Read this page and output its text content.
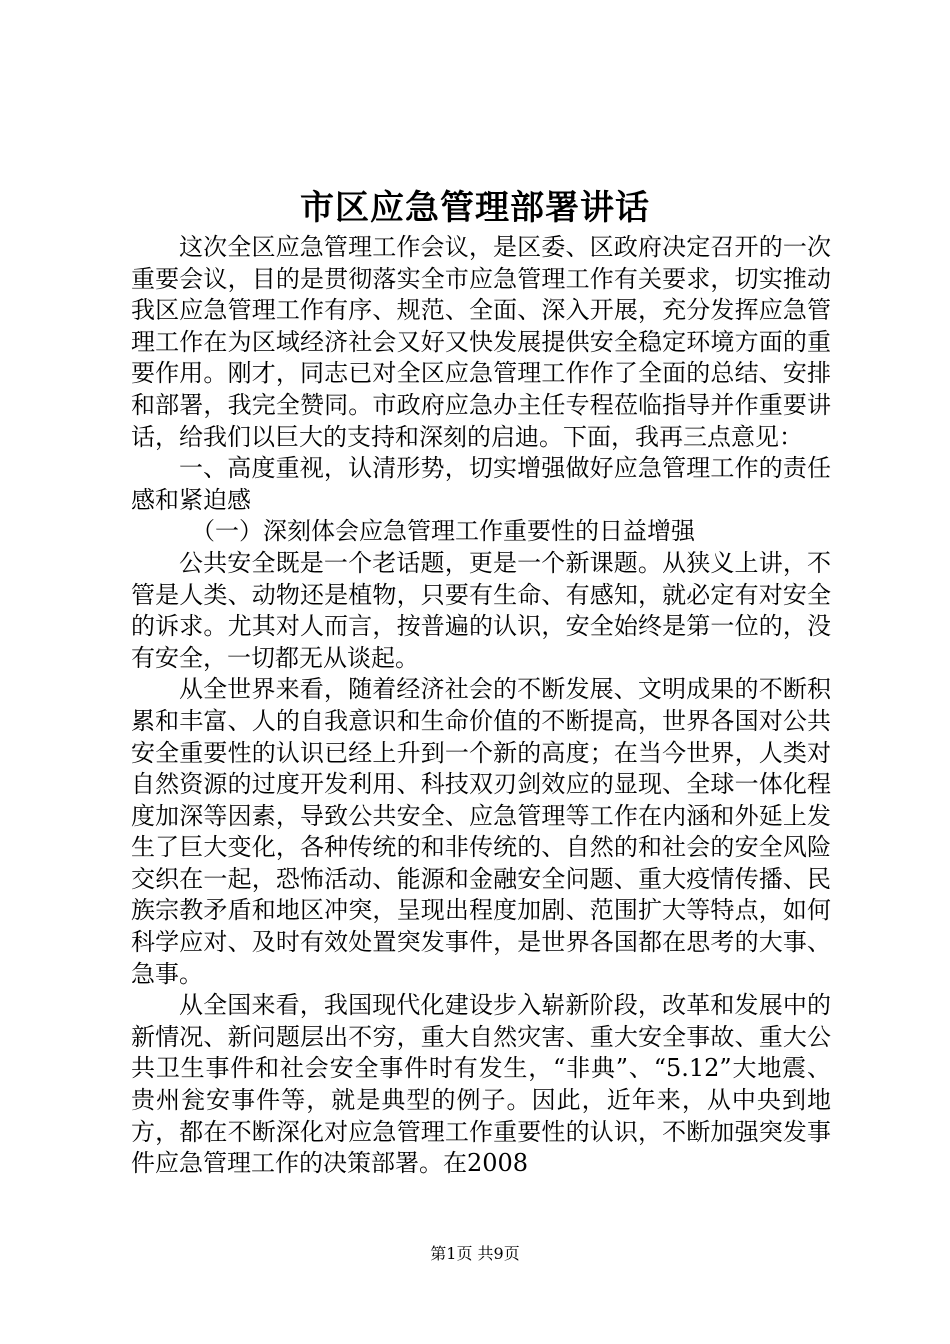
市区应急管理部署讲话

这次全区应急管理工作会议，是区委、区政府决定召开的一次重要会议，目的是贯彻落实全市应急管理工作有关要求，切实推动我区应急管理工作有序、规范、全面、深入开展，充分发挥应急管理工作在为区域经济社会又好又快发展提供安全稳定环境方面的重要作用。刚才，同志已对全区应急管理工作作了全面的总结、安排和部署，我完全赞同。市政府应急办主任专程莅临指导并作重要讲话，给我们以巨大的支持和深刻的启迪。下面，我再三点意见：

一、高度重视，认清形势，切实增强做好应急管理工作的责任感和紧迫感

（一）深刻体会应急管理工作重要性的日益增强

公共安全既是一个老话题，更是一个新课题。从狭义上讲，不管是人类、动物还是植物，只要有生命、有感知，就必定有对安全的诉求。尤其对人而言，按普遍的认识，安全始终是第一位的，没有安全，一切都无从谈起。

从全世界来看，随着经济社会的不断发展、文明成果的不断积累和丰富、人的自我意识和生命价值的不断提高，世界各国对公共安全重要性的认识已经上升到一个新的高度；在当今世界，人类对自然资源的过度开发利用、科技双刃剑效应的显现、全球一体化程度加深等因素，导致公共安全、应急管理等工作在内涵和外延上发生了巨大变化，各种传统的和非传统的、自然的和社会的安全风险交织在一起，恐怖活动、能源和金融安全问题、重大疫情传播、民族宗教矛盾和地区冲突，呈现出程度加剧、范围扩大等特点，如何科学应对、及时有效处置突发事件，是世界各国都在思考的大事、急事。

从全国来看，我国现代化建设步入崭新阶段，改革和发展中的新情况、新问题层出不穷，重大自然灾害、重大安全事故、重大公共卫生事件和社会安全事件时有发生，“非典”、“5.12”大地震、贵州瓮安事件等，就是典型的例子。因此，近年来，从中央到地方，都在不断深化对应急管理工作重要性的认识，不断加强突发事件应急管理工作的决策部署。在2008

第1页 共9页
